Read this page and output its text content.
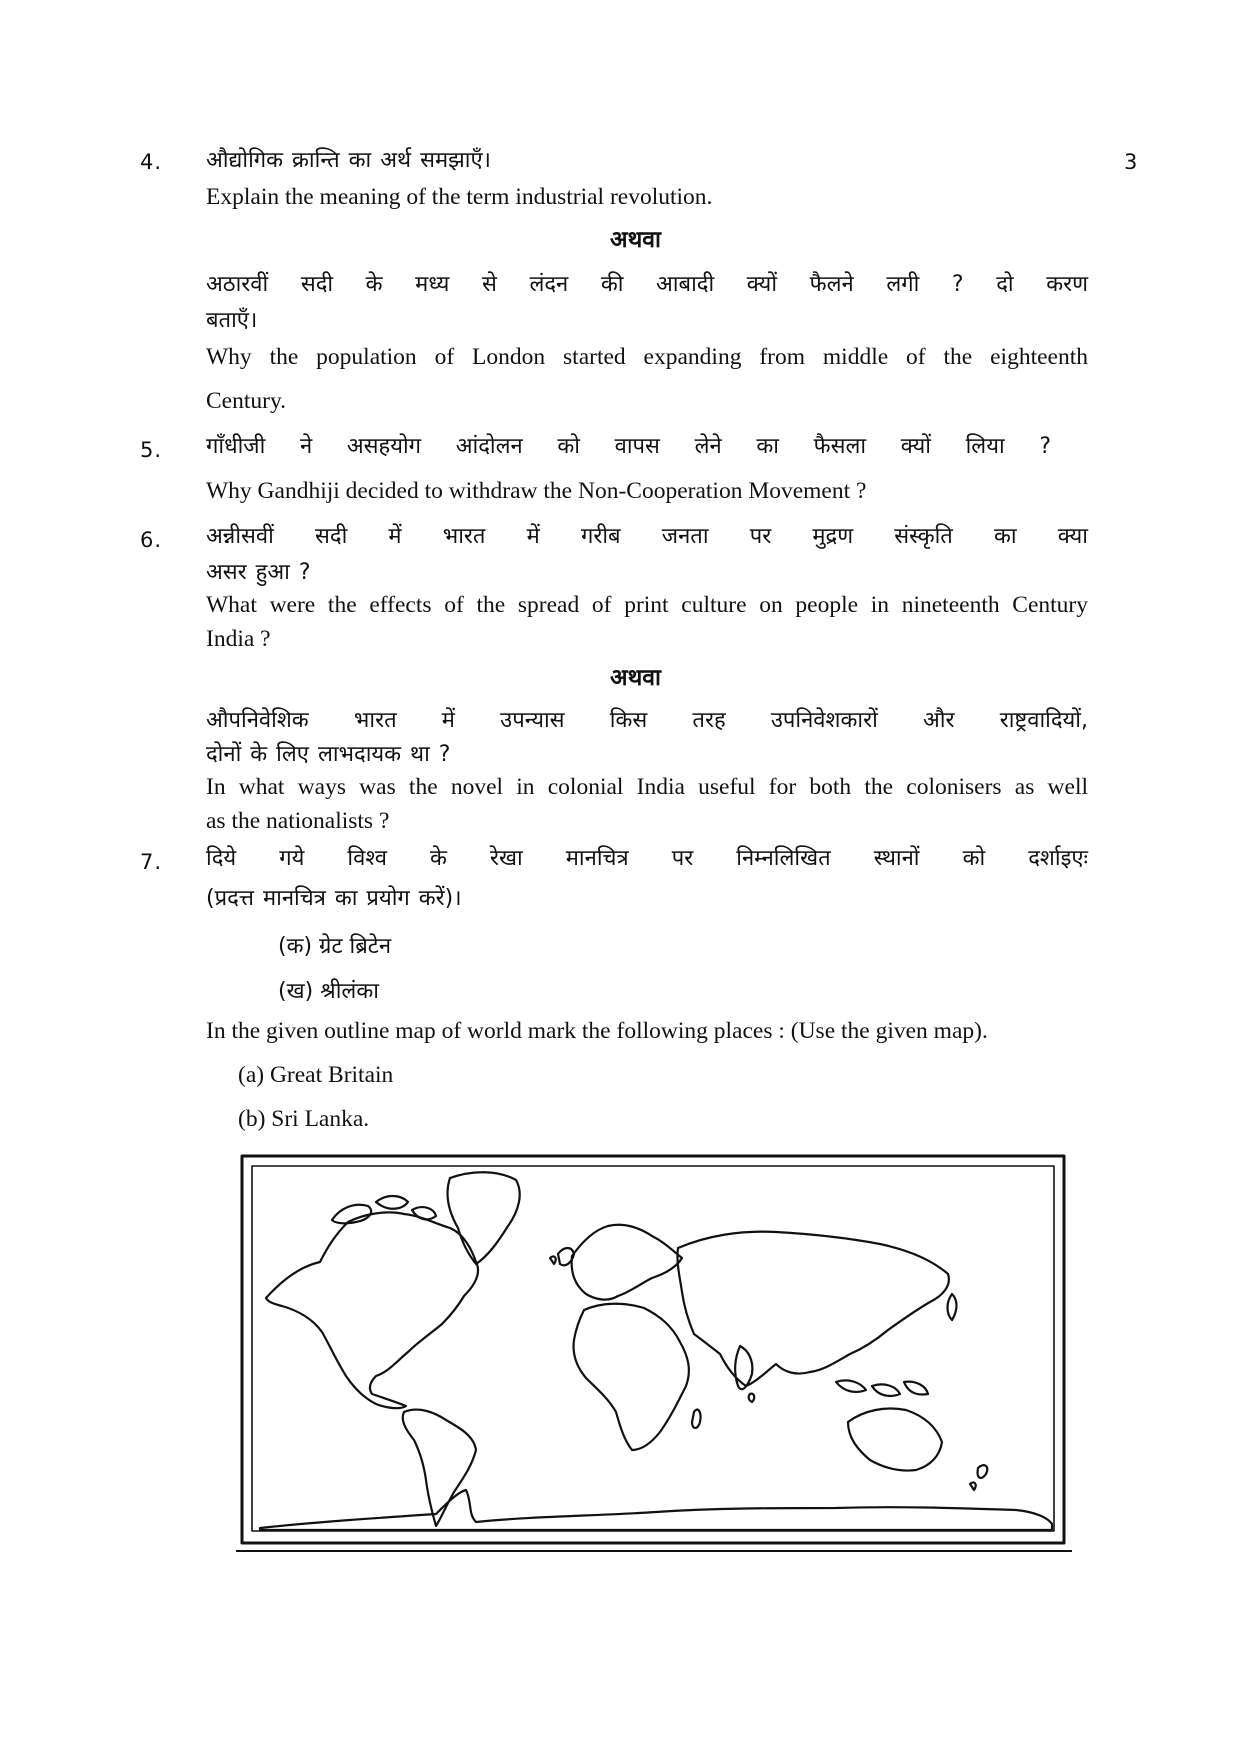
4. औद्योगिक क्रान्ति का अर्थ समझाएँ।	3
Explain the meaning of the term industrial revolution.
अथवा
अठारवीं सदी के मध्य से लंदन की आबादी क्यों फैलने लगी ? दो करण
बताएँ।
Why the population of London started expanding from middle of the eighteenth
Century.
5. गाँधीजी ने असहयोग आंदोलन को वापस लेने का फैसला क्यों लिया ?
Why Gandhiji decided to withdraw the Non-Cooperation Movement ?
6. अन्नीसवीं सदी में भारत में गरीब जनता पर मुद्रण संस्कृति का क्या
असर हुआ ?
What were the effects of the spread of print culture on people in nineteenth Century
India ?
अथवा
औपनिवेशिक भारत में उपन्यास किस तरह उपनिवेशकारों और राष्ट्रवादियों,
दोनों के लिए लाभदायक था ?
In what ways was the novel in colonial India useful for both the colonisers as well
as the nationalists ?
7. दिये गये विश्व के रेखा मानचित्र पर निम्नलिखित स्थानों को दर्शाइएः
(प्रदत्त मानचित्र का प्रयोग करें)।
(क) ग्रेट ब्रिटेन
(ख) श्रीलंका
In the given outline map of world mark the following places : (Use the given map).
(a) Great Britain
(b) Sri Lanka.
